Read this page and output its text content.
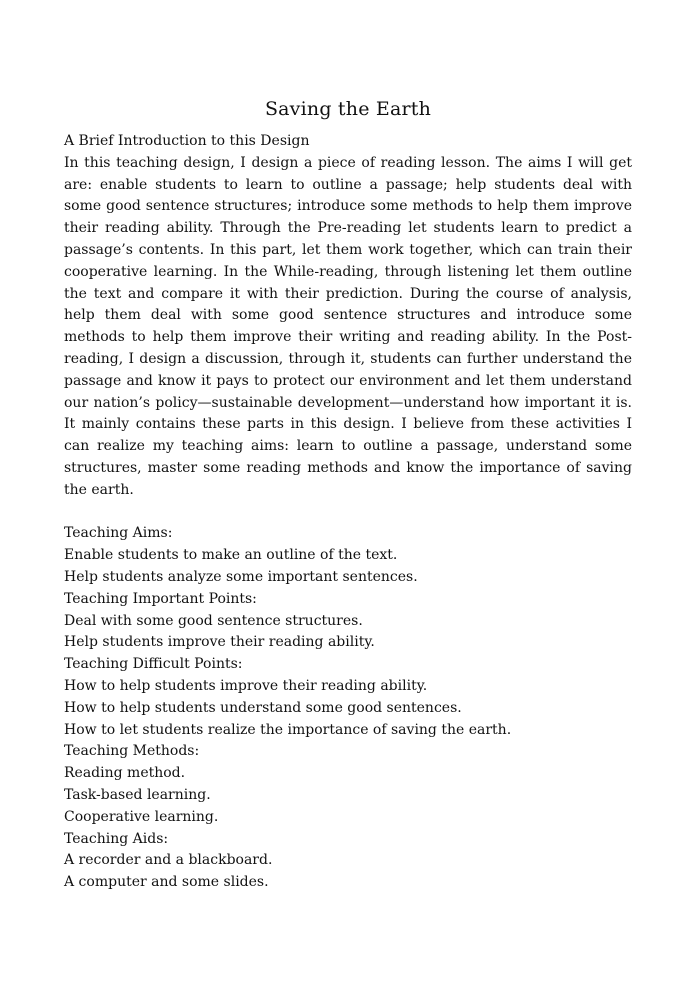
Saving the Earth
A Brief Introduction to this Design

In this teaching design, I design a piece of reading lesson. The aims I will get are: enable students to learn to outline a passage; help students deal with some good sentence structures; introduce some methods to help them improve their reading ability. Through the Pre-reading let students learn to predict a passage’s contents. In this part, let them work together, which can train their cooperative learning. In the While-reading, through listening let them outline the text and compare it with their prediction. During the course of analysis, help them deal with some good sentence structures and introduce some methods to help them improve their writing and reading ability. In the Post-reading, I design a discussion, through it, students can further understand the passage and know it pays to protect our environment and let them understand our nation’s policy—sustainable development—understand how important it is. It mainly contains these parts in this design. I believe from these activities I can realize my teaching aims: learn to outline a passage, understand some structures, master some reading methods and know the importance of saving the earth.

Teaching Aims:
Enable students to make an outline of the text.
Help students analyze some important sentences.
Teaching Important Points:
Deal with some good sentence structures.
Help students improve their reading ability.
Teaching Difficult Points:
How to help students improve their reading ability.
How to help students understand some good sentences.
How to let students realize the importance of saving the earth.
Teaching Methods:
Reading method.
Task-based learning.
Cooperative learning.
Teaching Aids:
A recorder and a blackboard.
A computer and some slides.
